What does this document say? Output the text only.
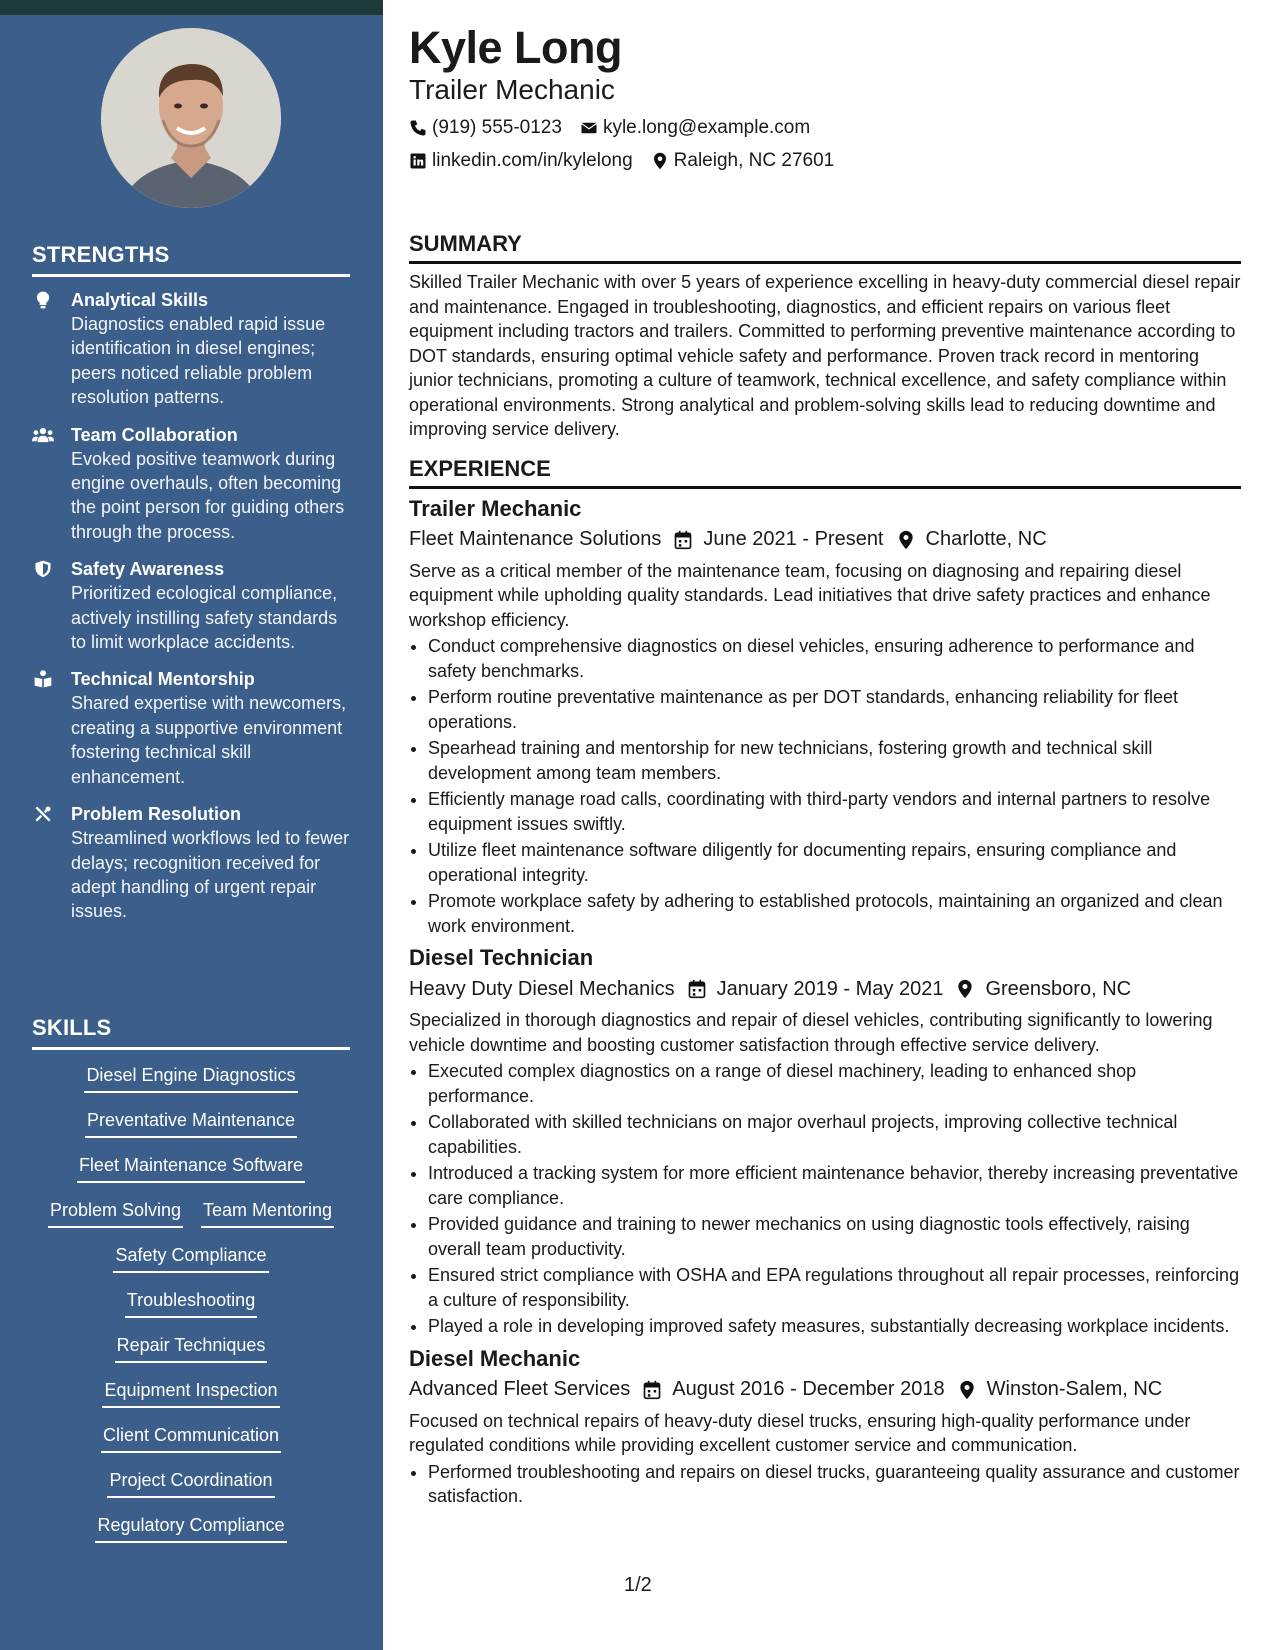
STRENGTHS
Analytical Skills
Diagnostics enabled rapid issue identification in diesel engines; peers noticed reliable problem resolution patterns.
Team Collaboration
Evoked positive teamwork during engine overhauls, often becoming the point person for guiding others through the process.
Safety Awareness
Prioritized ecological compliance, actively instilling safety standards to limit workplace accidents.
Technical Mentorship
Shared expertise with newcomers, creating a supportive environment fostering technical skill enhancement.
Problem Resolution
Streamlined workflows led to fewer delays; recognition received for adept handling of urgent repair issues.
SKILLS
Diesel Engine Diagnostics
Preventative Maintenance
Fleet Maintenance Software
Problem Solving Team Mentoring
Safety Compliance
Troubleshooting
Repair Techniques
Equipment Inspection
Client Communication
Project Coordination
Regulatory Compliance
Kyle Long
Trailer Mechanic
(919) 555-0123 kyle.long@example.com
linkedin.com/in/kylelong Raleigh, NC 27601
SUMMARY
Skilled Trailer Mechanic with over 5 years of experience excelling in heavy-duty commercial diesel repair and maintenance. Engaged in troubleshooting, diagnostics, and efficient repairs on various fleet equipment including tractors and trailers. Committed to performing preventive maintenance according to DOT standards, ensuring optimal vehicle safety and performance. Proven track record in mentoring junior technicians, promoting a culture of teamwork, technical excellence, and safety compliance within operational environments. Strong analytical and problem-solving skills lead to reducing downtime and improving service delivery.
EXPERIENCE
Trailer Mechanic
Fleet Maintenance Solutions June 2021 - Present Charlotte, NC
Serve as a critical member of the maintenance team, focusing on diagnosing and repairing diesel equipment while upholding quality standards. Lead initiatives that drive safety practices and enhance workshop efficiency.
• Conduct comprehensive diagnostics on diesel vehicles, ensuring adherence to performance and safety benchmarks.
• Perform routine preventative maintenance as per DOT standards, enhancing reliability for fleet operations.
• Spearhead training and mentorship for new technicians, fostering growth and technical skill development among team members.
• Efficiently manage road calls, coordinating with third-party vendors and internal partners to resolve equipment issues swiftly.
• Utilize fleet maintenance software diligently for documenting repairs, ensuring compliance and operational integrity.
• Promote workplace safety by adhering to established protocols, maintaining an organized and clean work environment.
Diesel Technician
Heavy Duty Diesel Mechanics January 2019 - May 2021 Greensboro, NC
Specialized in thorough diagnostics and repair of diesel vehicles, contributing significantly to lowering vehicle downtime and boosting customer satisfaction through effective service delivery.
• Executed complex diagnostics on a range of diesel machinery, leading to enhanced shop performance.
• Collaborated with skilled technicians on major overhaul projects, improving collective technical capabilities.
• Introduced a tracking system for more efficient maintenance behavior, thereby increasing preventative care compliance.
• Provided guidance and training to newer mechanics on using diagnostic tools effectively, raising overall team productivity.
• Ensured strict compliance with OSHA and EPA regulations throughout all repair processes, reinforcing a culture of responsibility.
• Played a role in developing improved safety measures, substantially decreasing workplace incidents.
Diesel Mechanic
Advanced Fleet Services August 2016 - December 2018 Winston-Salem, NC
Focused on technical repairs of heavy-duty diesel trucks, ensuring high-quality performance under regulated conditions while providing excellent customer service and communication.
• Performed troubleshooting and repairs on diesel trucks, guaranteeing quality assurance and customer satisfaction.
1/2
